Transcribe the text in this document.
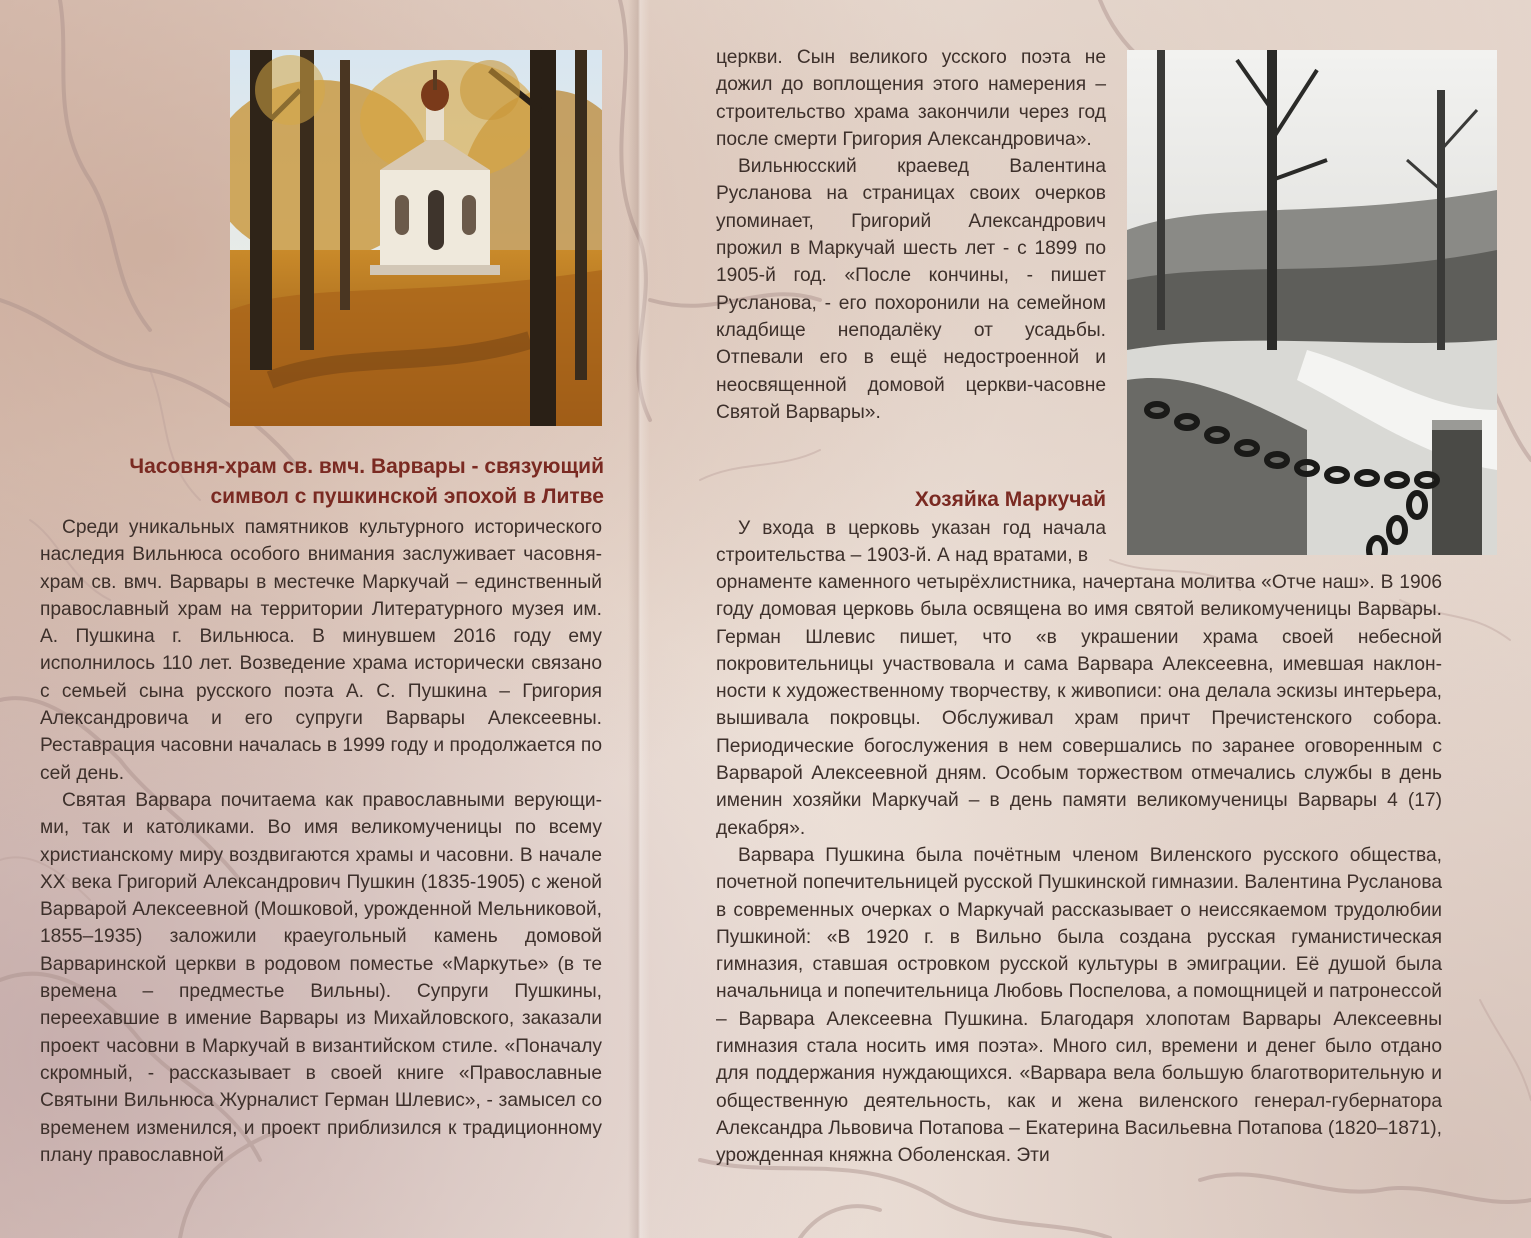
Часовня-храм св. вмч. Варвары - связующий
символ с пушкинской эпохой в Литве

Среди уникальных памятников культурного исторического наследия Вильнюса особого внимания заслуживает часовня-храм св. вмч. Варвары в местечке Маркучай – единственный православный храм на территории Литературного музея им. А. Пушкина г. Вильнюса. В минувшем 2016 году ему исполнилось 110 лет. Возведение храма исторически связано с семьей сына русского поэта А. С. Пушкина – Григория Александровича и его супруги Варвары Алексеевны. Реставрация часовни началась в 1999 году и продолжается по сей день.

Святая Варвара почитаема как православными верующими, так и католиками. Во имя великомученицы по всему христианскому миру воздвигаются храмы и часовни. В начале XX века Григорий Александрович Пушкин (1835-1905) с женой Варварой Алексеевной (Мошковой, урожденной Мельниковой, 1855–1935) заложили краеугольный камень домовой Варваринской церкви в родовом поместье «Маркутье» (в те времена – предместье Вильны). Супруги Пушкины, переехавшие в имение Варвары из Михайловского, заказали проект часовни в Маркучай в византийском стиле. «Поначалу скромный, - рассказывает в своей книге «Православные Святыни Вильнюса Журналист Герман Шлевис», - замысел со временем изменился, и проект приблизился к традиционному плану православной

церкви. Сын великого усского поэта не дожил до воплощения этого намерения – строительство храма закончили через год после смерти Григория Александровича».

Вильнюсский краевед Валентина Русланова на страницах своих очерков упоминает, Григорий Александрович прожил в Маркучай шесть лет - с 1899 по 1905-й год. «После кончины, - пишет Русланова, - его похоронили на семейном кладбище неподалёку от усадьбы. Отпевали его в ещё недостроенной и неосвященной домовой церкви-часовне Святой Варвары».

Хозяйка Маркучай

У входа в церковь указан год начала строительства – 1903-й. А над вратами, в

орнаменте каменного четырёхлистника, начертана молитва «Отче наш». В 1906 году домовая церковь была освящена во имя святой великомученицы Варвары. Герман Шлевис пишет, что «в украшении храма своей небесной покровительницы участвовала и сама Варвара Алексеевна, имевшая наклонности к художественному творчеству, к живописи: она делала эскизы интерьера, вышивала покровцы. Обслуживал храм причт Пречистенского собора. Периодические богослужения в нем совершались по заранее оговоренным с Варварой Алексеевной дням. Особым торжеством отмечались службы в день именин хозяйки Маркучай – в день памяти великомученицы Варвары 4 (17) декабря».

Варвара Пушкина была почётным членом Виленского русского общества, почетной попечительницей русской Пушкинской гимназии. Валентина Русланова в современных очерках о Маркучай рассказывает о неиссякаемом трудолюбии Пушкиной: «В 1920 г. в Вильно была создана русская гуманистическая гимназия, ставшая островком русской культуры в эмиграции. Её душой была начальница и попечительница Любовь Поспелова, а помощницей и патронессой – Варвара Алексеевна Пушкина. Благодаря хлопотам Варвары Алексеевны гимназия стала носить имя поэта». Много сил, времени и денег было отдано для поддержания нуждающихся. «Варвара вела большую благотворительную и общественную деятельность, как и жена виленского генерал-губернатора Александра Львовича Потапова – Екатерина Васильевна Потапова (1820–1871), урожденная княжна Оболенская. Эти
